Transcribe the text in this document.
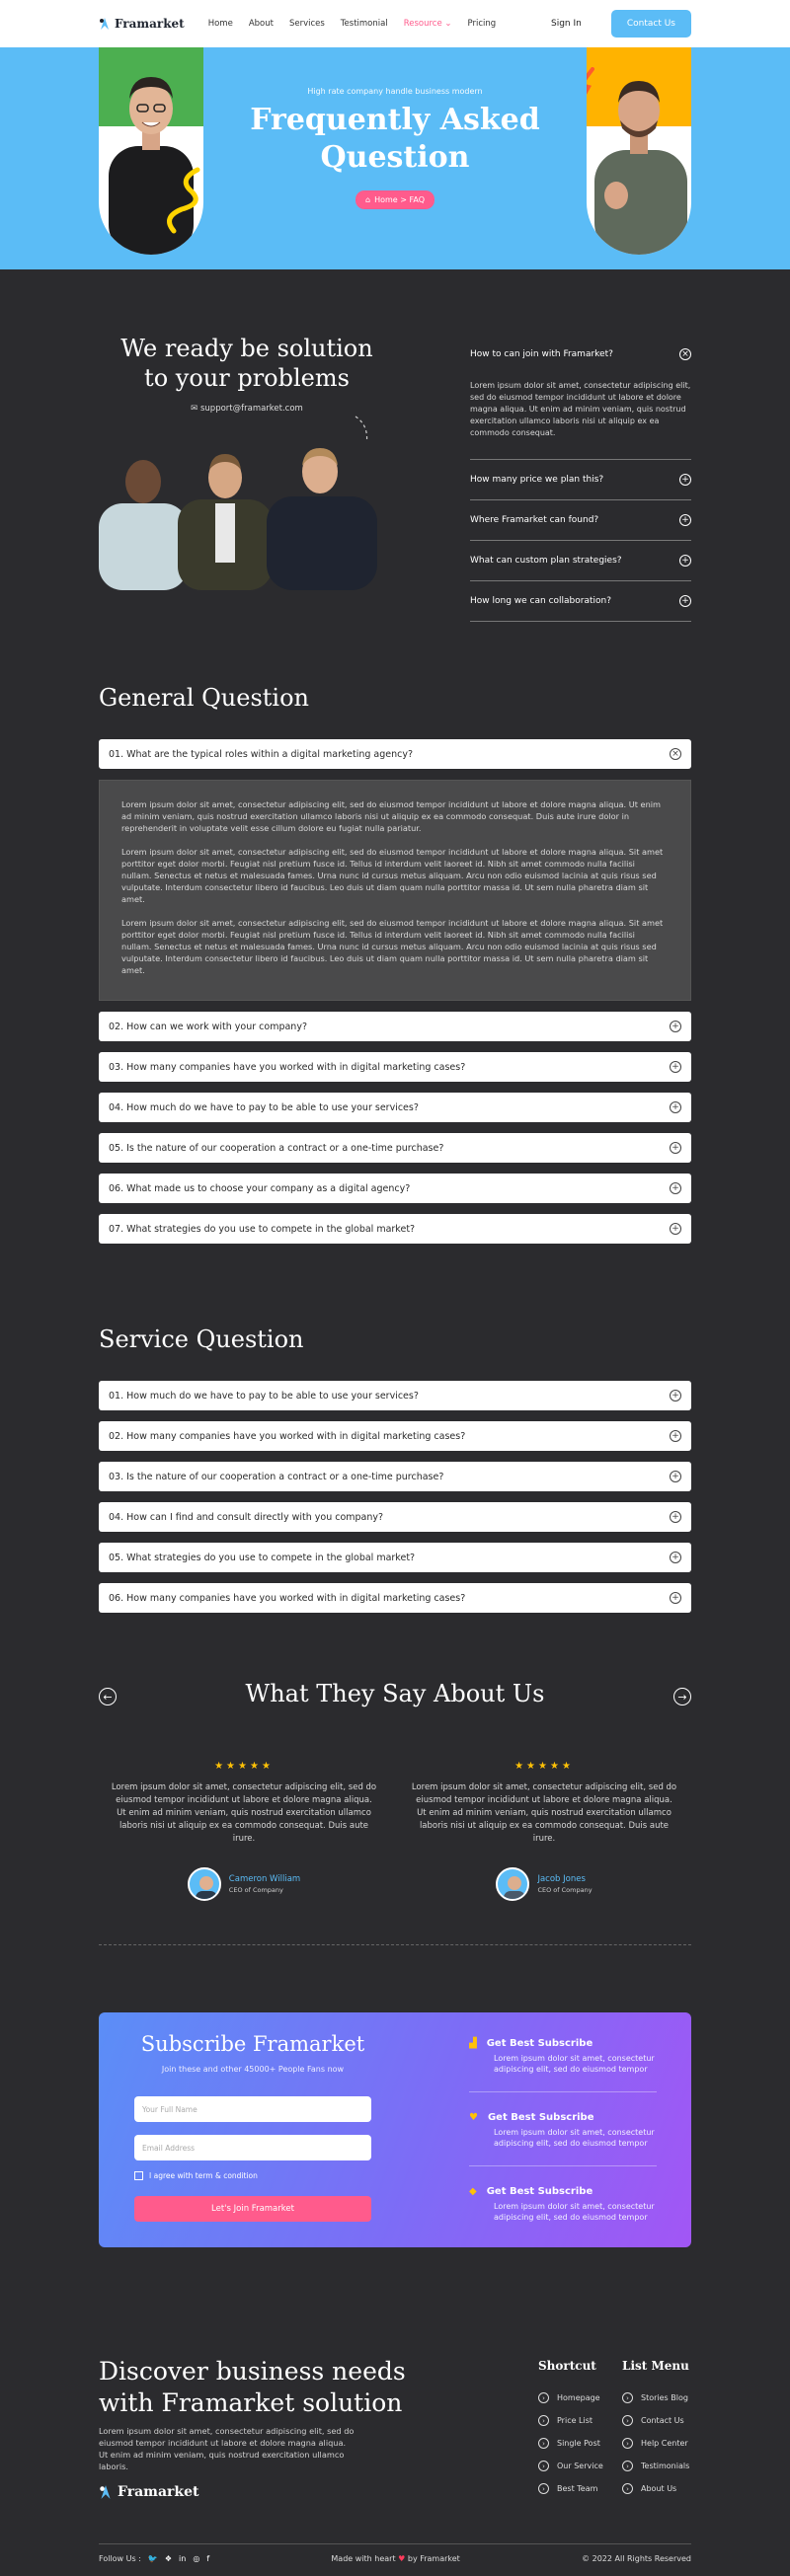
Framarket	Home About Services Testimonial Resource ⌄ Pricing	Sign In	Contact Us
High rate company handle business modern
Frequently Asked
Question
⌂ Home > FAQ
We ready be solution
to your problems
✉ support@framarket.com
How to can join with Framarket?	×
Lorem ipsum dolor sit amet, consectetur adipiscing elit, sed do eiusmod tempor incididunt ut labore et dolore magna aliqua. Ut enim ad minim veniam, quis nostrud exercitation ullamco laboris nisi ut aliquip ex ea commodo consequat.
How many price we plan this?	+
Where Framarket can found?	+
What can custom plan strategies?	+
How long we can collaboration?	+
General Question
01. What are the typical roles within a digital marketing agency?	×

Lorem ipsum dolor sit amet, consectetur adipiscing elit, sed do eiusmod tempor incididunt ut labore et dolore magna aliqua. Ut enim ad minim veniam, quis nostrud exercitation ullamco laboris nisi ut aliquip ex ea commodo consequat. Duis aute irure dolor in reprehenderit in voluptate velit esse cillum dolore eu fugiat nulla pariatur.

Lorem ipsum dolor sit amet, consectetur adipiscing elit, sed do eiusmod tempor incididunt ut labore et dolore magna aliqua. Sit amet porttitor eget dolor morbi. Feugiat nisl pretium fusce id. Tellus id interdum velit laoreet id. Nibh sit amet commodo nulla facilisi nullam. Senectus et netus et malesuada fames. Urna nunc id cursus metus aliquam. Arcu non odio euismod lacinia at quis risus sed vulputate. Interdum consectetur libero id faucibus. Leo duis ut diam quam nulla porttitor massa id. Ut sem nulla pharetra diam sit amet.

Lorem ipsum dolor sit amet, consectetur adipiscing elit, sed do eiusmod tempor incididunt ut labore et dolore magna aliqua. Sit amet porttitor eget dolor morbi. Feugiat nisl pretium fusce id. Tellus id interdum velit laoreet id. Nibh sit amet commodo nulla facilisi nullam. Senectus et netus et malesuada fames. Urna nunc id cursus metus aliquam. Arcu non odio euismod lacinia at quis risus sed vulputate. Interdum consectetur libero id faucibus. Leo duis ut diam quam nulla porttitor massa id. Ut sem nulla pharetra diam sit amet.

02. How can we work with your company?	+
03. How many companies have you worked with in digital marketing cases?	+
04. How much do we have to pay to be able to use your services?	+
05. Is the nature of our cooperation a contract or a one-time purchase?	+
06. What made us to choose your company as a digital agency?	+
07. What strategies do you use to compete in the global market?	+
Service Question
01. How much do we have to pay to be able to use your services?	+
02. How many companies have you worked with in digital marketing cases?	+
03. Is the nature of our cooperation a contract or a one-time purchase?	+
04. How can I find and consult directly with you company?	+
05. What strategies do you use to compete in the global market?	+
06. How many companies have you worked with in digital marketing cases?	+
←	What They Say About Us	→
★★★★★
Lorem ipsum dolor sit amet, consectetur adipiscing elit, sed do eiusmod tempor incididunt ut labore et dolore magna aliqua. Ut enim ad minim veniam, quis nostrud exercitation ullamco laboris nisi ut aliquip ex ea commodo consequat. Duis aute irure.
Cameron William
CEO of Company
★★★★★
Lorem ipsum dolor sit amet, consectetur adipiscing elit, sed do eiusmod tempor incididunt ut labore et dolore magna aliqua. Ut enim ad minim veniam, quis nostrud exercitation ullamco laboris nisi ut aliquip ex ea commodo consequat. Duis aute irure.
Jacob Jones
CEO of Company
Subscribe Framarket
Join these and other 45000+ People Fans now
Your Full Name
Email Address
I agree with term & condition
Let's Join Framarket
▟ Get Best Subscribe
Lorem ipsum dolor sit amet, consectetur adipiscing elit, sed do eiusmod tempor
♥ Get Best Subscribe
Lorem ipsum dolor sit amet, consectetur adipiscing elit, sed do eiusmod tempor
◆ Get Best Subscribe
Lorem ipsum dolor sit amet, consectetur adipiscing elit, sed do eiusmod tempor
Discover business needs
with Framarket solution
Lorem ipsum dolor sit amet, consectetur adipiscing elit, sed do eiusmod tempor incididunt ut labore et dolore magna aliqua. Ut enim ad minim veniam, quis nostrud exercitation ullamco laboris.
Framarket
Shortcut
›	Homepage
›	Price List
›	Single Post
›	Our Service
›	Best Team
List Menu
›	Stories Blog
›	Contact Us
›	Help Center
›	Testimonials
›	About Us
Follow Us : 🐦 ❖ in ◎ f	Made with heart ♥ by Framarket	© 2022 All Rights Reserved
